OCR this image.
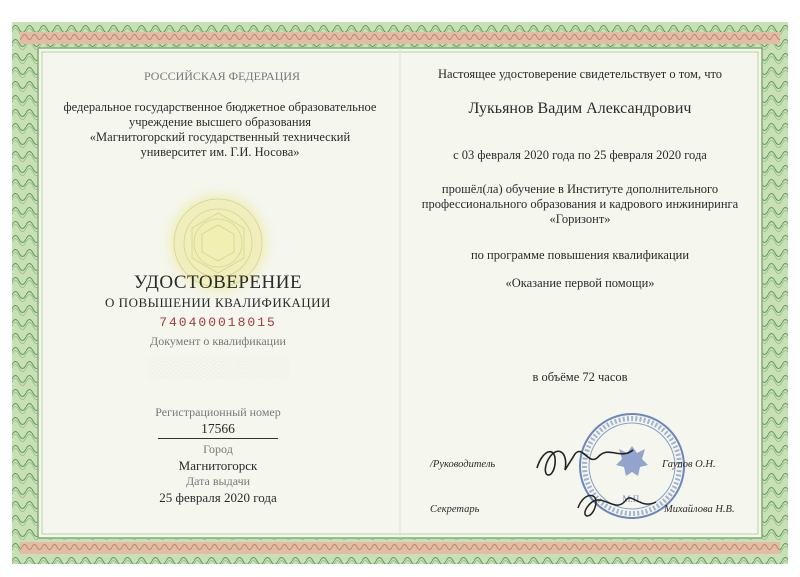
░░░░░░░░░░
РОССИЙСКАЯ ФЕДЕРАЦИЯ
федеральное государственное бюджетное образовательное
учреждение высшего образования
«Магнитогорский государственный технический
университет им. Г.И. Носова»
УДОСТОВЕРЕНИЕ
О ПОВЫШЕНИИ КВАЛИФИКАЦИИ
740400018015
Документ о квалификации
Регистрационный номер
17566
Город
Магнитогорск
Дата выдачи
25 февраля 2020 года
Настоящее удостоверение свидетельствует о том, что
Лукьянов Вадим Александрович
с 03 февраля 2020 года по 25 февраля 2020 года
прошёл(ла) обучение в Институте дополнительного
профессионального образования и кадрового инжиниринга
«Горизонт»
по программе повышения квалификации
«Оказание первой помощи»
в объёме 72 часов
М.П.
/Руководитель	Гаупов О.Н.
Секретарь	Михайлова Н.В.
